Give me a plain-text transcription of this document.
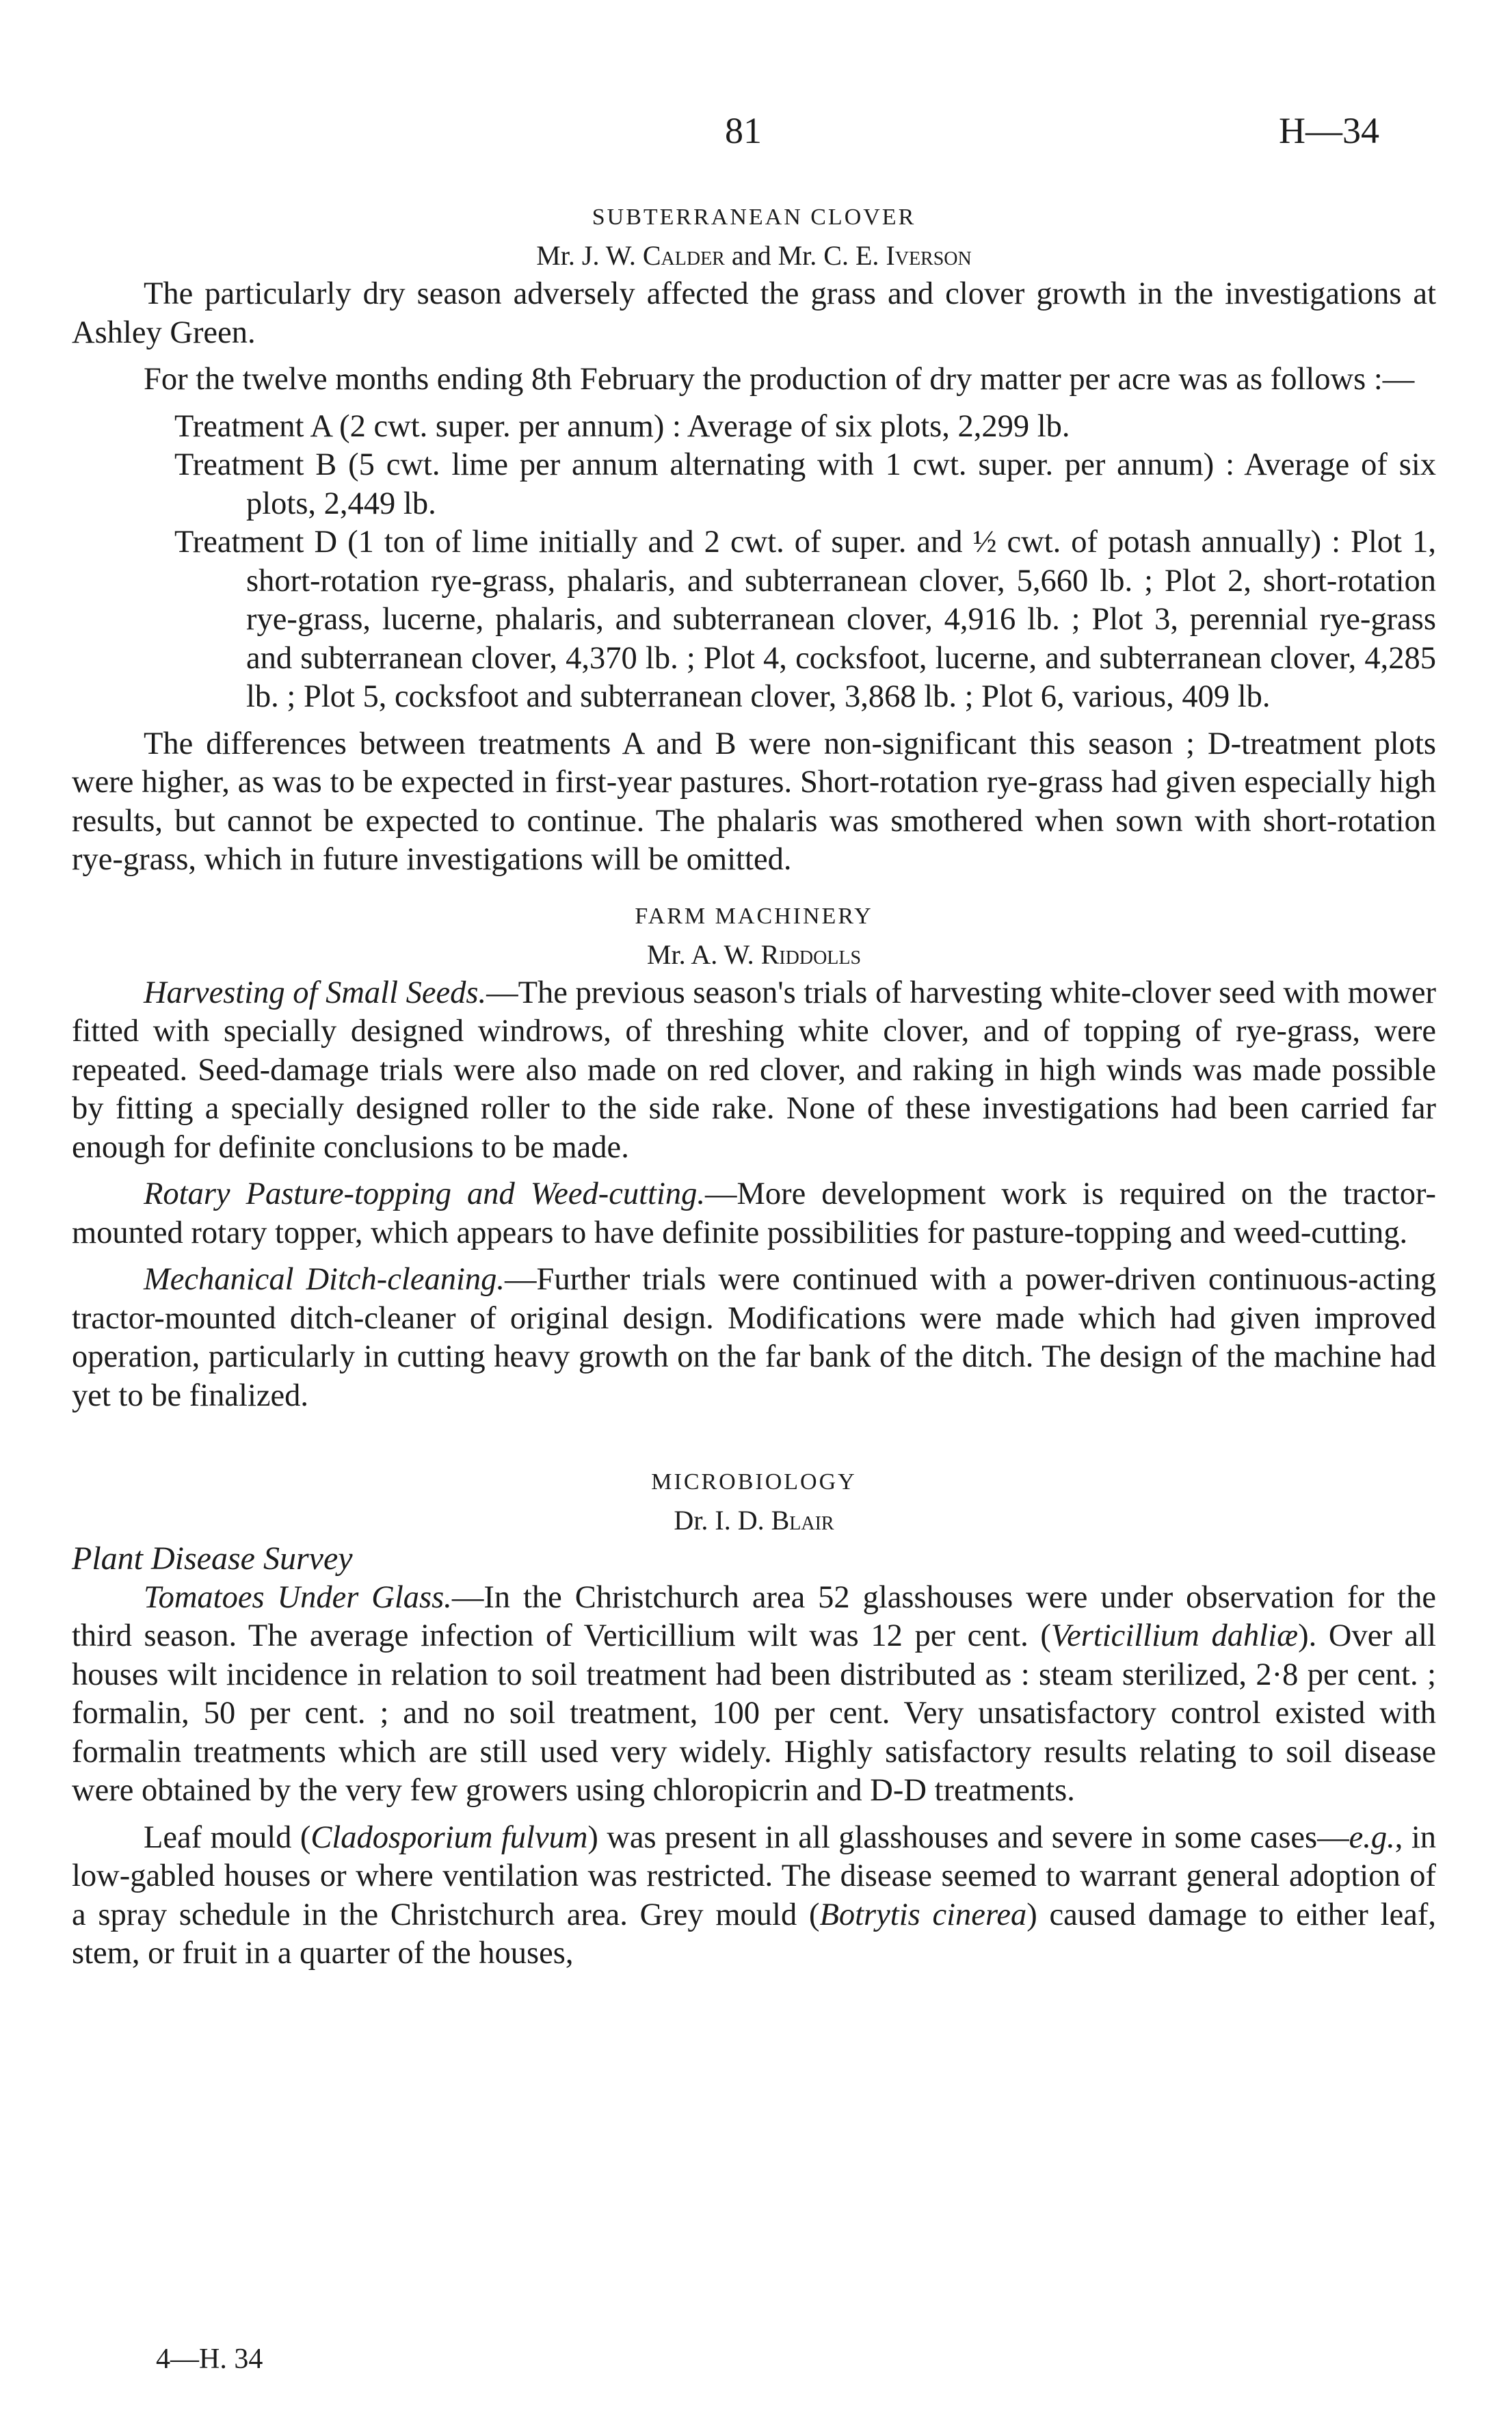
81	H—34
SUBTERRANEAN CLOVER
Mr. J. W. Calder and Mr. C. E. Iverson

The particularly dry season adversely affected the grass and clover growth in the investigations at Ashley Green.

For the twelve months ending 8th February the production of dry matter per acre was as follows :—

Treatment A (2 cwt. super. per annum) : Average of six plots, 2,299 lb.

Treatment B (5 cwt. lime per annum alternating with 1 cwt. super. per annum) : Average of six plots, 2,449 lb.

Treatment D (1 ton of lime initially and 2 cwt. of super. and ½ cwt. of potash annually) : Plot 1, short-rotation rye-grass, phalaris, and subterranean clover, 5,660 lb. ; Plot 2, short-rotation rye-grass, lucerne, phalaris, and subterranean clover, 4,916 lb. ; Plot 3, perennial rye-grass and subterranean clover, 4,370 lb. ; Plot 4, cocksfoot, lucerne, and subterranean clover, 4,285 lb. ; Plot 5, cocksfoot and subterranean clover, 3,868 lb. ; Plot 6, various, 409 lb.

The differences between treatments A and B were non-significant this season ; D-treatment plots were higher, as was to be expected in first-year pastures. Short-rotation rye-grass had given especially high results, but cannot be expected to continue. The phalaris was smothered when sown with short-rotation rye-grass, which in future investigations will be omitted.

FARM MACHINERY
Mr. A. W. Riddolls

Harvesting of Small Seeds.—The previous season's trials of harvesting white-clover seed with mower fitted with specially designed windrows, of threshing white clover, and of topping of rye-grass, were repeated. Seed-damage trials were also made on red clover, and raking in high winds was made possible by fitting a specially designed roller to the side rake. None of these investigations had been carried far enough for definite conclusions to be made.

Rotary Pasture-topping and Weed-cutting.—More development work is required on the tractor-mounted rotary topper, which appears to have definite possibilities for pasture-topping and weed-cutting.

Mechanical Ditch-cleaning.—Further trials were continued with a power-driven continuous-acting tractor-mounted ditch-cleaner of original design. Modifications were made which had given improved operation, particularly in cutting heavy growth on the far bank of the ditch. The design of the machine had yet to be finalized.

MICROBIOLOGY
Dr. I. D. Blair
Plant Disease Survey

Tomatoes Under Glass.—In the Christchurch area 52 glasshouses were under observation for the third season. The average infection of Verticillium wilt was 12 per cent. (Verticillium dahliæ). Over all houses wilt incidence in relation to soil treatment had been distributed as : steam sterilized, 2·8 per cent. ; formalin, 50 per cent. ; and no soil treatment, 100 per cent. Very unsatisfactory control existed with formalin treatments which are still used very widely. Highly satisfactory results relating to soil disease were obtained by the very few growers using chloropicrin and D-D treatments.

Leaf mould (Cladosporium fulvum) was present in all glasshouses and severe in some cases—e.g., in low-gabled houses or where ventilation was restricted. The disease seemed to warrant general adoption of a spray schedule in the Christchurch area. Grey mould (Botrytis cinerea) caused damage to either leaf, stem, or fruit in a quarter of the houses,

4—H. 34
